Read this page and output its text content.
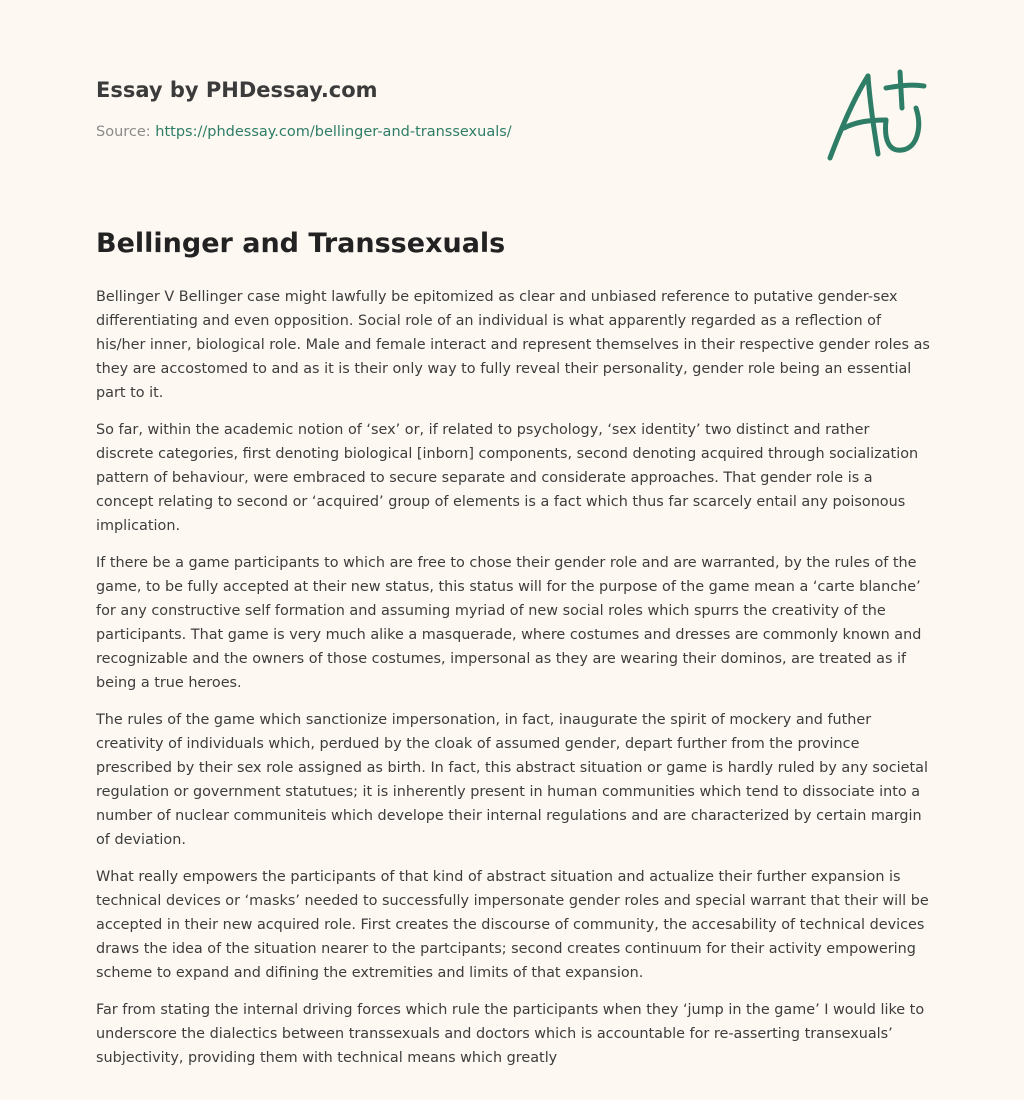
Essay by PHDessay.com
Source: https://phdessay.com/bellinger-and-transsexuals/
Bellinger and Transsexuals

Bellinger V Bellinger case might lawfully be epitomized as clear and unbiased reference to putative gender-sex differentiating and even opposition. Social role of an individual is what apparently regarded as a reflection of his/her inner, biological role. Male and female interact and represent themselves in their respective gender roles as they are accostomed to and as it is their only way to fully reveal their personality, gender role being an essential part to it.

So far, within the academic notion of ‘sex’ or, if related to psychology, ‘sex identity’ two distinct and rather discrete categories, first denoting biological [inborn] components, second denoting acquired through socialization pattern of behaviour, were embraced to secure separate and considerate approaches. That gender role is a concept relating to second or ‘acquired’ group of elements is a fact which thus far scarcely entail any poisonous implication.

If there be a game participants to which are free to chose their gender role and are warranted, by the rules of the game, to be fully accepted at their new status, this status will for the purpose of the game mean a ‘carte blanche’ for any constructive self formation and assuming myriad of new social roles which spurrs the creativity of the participants. That game is very much alike a masquerade, where costumes and dresses are commonly known and recognizable and the owners of those costumes, impersonal as they are wearing their dominos, are treated as if being a true heroes.

The rules of the game which sanctionize impersonation, in fact, inaugurate the spirit of mockery and futher creativity of individuals which, perdued by the cloak of assumed gender, depart further from the province prescribed by their sex role assigned as birth. In fact, this abstract situation or game is hardly ruled by any societal regulation or government statutues; it is inherently present in human communities which tend to dissociate into a number of nuclear communiteis which develope their internal regulations and are characterized by certain margin of deviation.

What really empowers the participants of that kind of abstract situation and actualize their further expansion is technical devices or ‘masks’ needed to successfully impersonate gender roles and special warrant that their will be accepted in their new acquired role. First creates the discourse of community, the accesability of technical devices draws the idea of the situation nearer to the partcipants; second creates continuum for their activity empowering scheme to expand and difining the extremities and limits of that expansion.

Far from stating the internal driving forces which rule the participants when they ‘jump in the game’ I would like to underscore the dialectics between transsexuals and doctors which is accountable for re-asserting transexuals’ subjectivity, providing them with technical means which greatly
